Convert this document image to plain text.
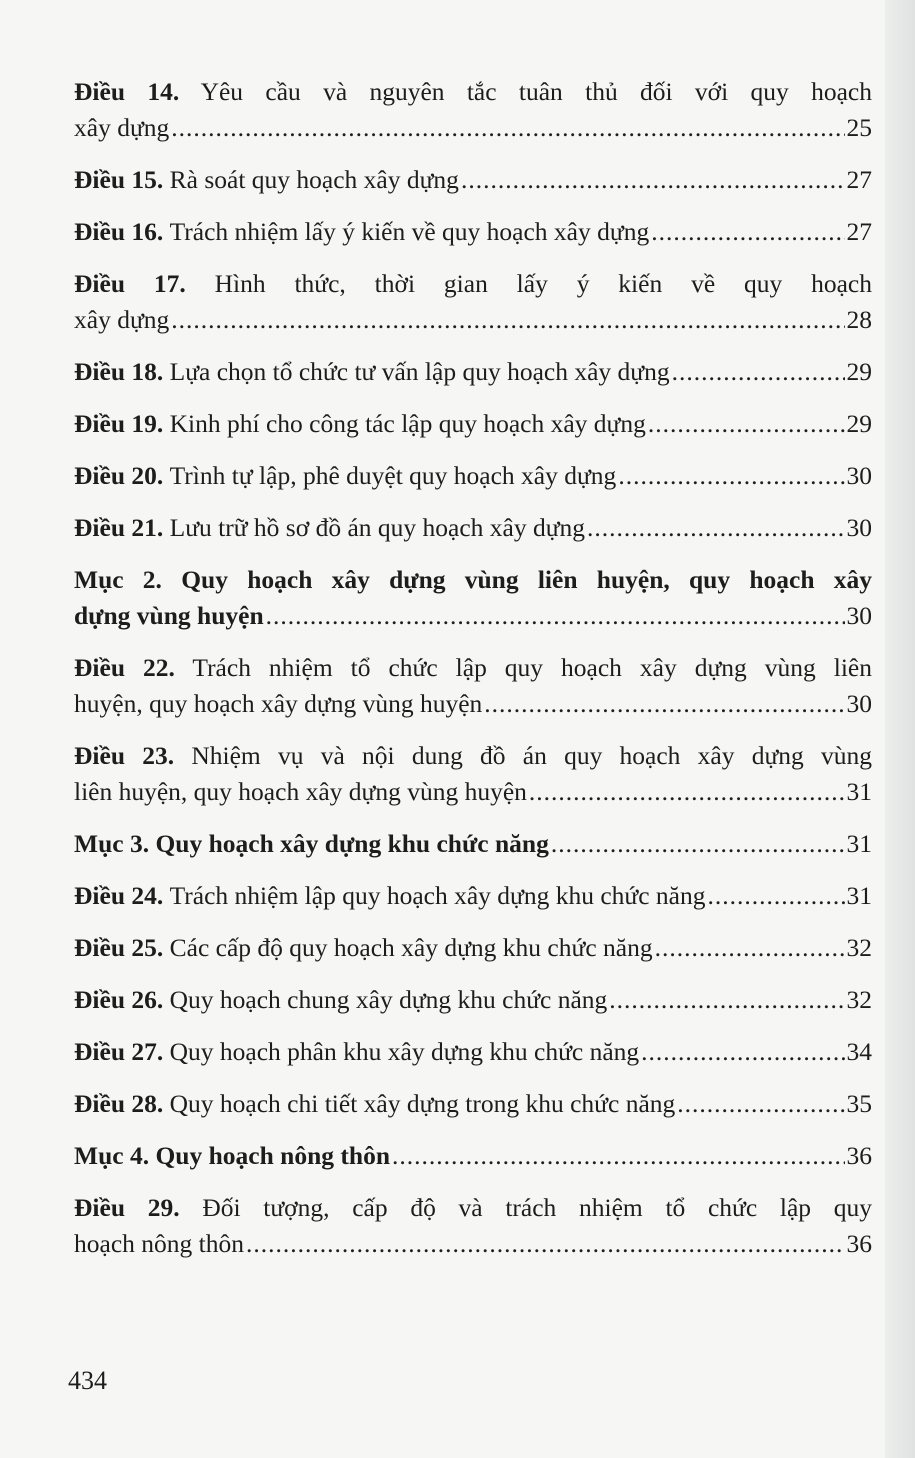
Điều 14. Yêu cầu và nguyên tắc tuân thủ đối với quy hoạch
xây dựng .....	25
Điều 15.
Rà soát quy hoạch xây dựng .....	27
Điều 16.
Trách nhiệm lấy ý kiến về quy hoạch xây dựng .....	27
Điều 17. Hình thức, thời gian lấy ý kiến về quy hoạch
xây dựng .....	28
Điều 18.
Lựa chọn tổ chức tư vấn lập quy hoạch xây dựng .....	29
Điều 19.
Kinh phí cho công tác lập quy hoạch xây dựng .....	29
Điều 20.
Trình tự lập, phê duyệt quy hoạch xây dựng .....	30
Điều 21.
Lưu trữ hồ sơ đồ án quy hoạch xây dựng .....	30
Mục 2. Quy hoạch xây dựng vùng liên huyện, quy hoạch xây
dựng vùng huyện .....	30
Điều 22. Trách nhiệm tổ chức lập quy hoạch xây dựng vùng liên
huyện, quy hoạch xây dựng vùng huyện .....	30
Điều 23. Nhiệm vụ và nội dung đồ án quy hoạch xây dựng vùng
liên huyện, quy hoạch xây dựng vùng huyện .....	31
Mục 3.
Quy hoạch xây dựng khu chức năng .....	31
Điều 24.
Trách nhiệm lập quy hoạch xây dựng khu chức năng .....	31
Điều 25.
Các cấp độ quy hoạch xây dựng khu chức năng .....	32
Điều 26.
Quy hoạch chung xây dựng khu chức năng .....	32
Điều 27.
Quy hoạch phân khu xây dựng khu chức năng .....	34
Điều 28.
Quy hoạch chi tiết xây dựng trong khu chức năng .....	35
Mục 4.
Quy hoạch nông thôn .....	36
Điều 29. Đối tượng, cấp độ và trách nhiệm tổ chức lập quy
hoạch nông thôn .....	36
434
